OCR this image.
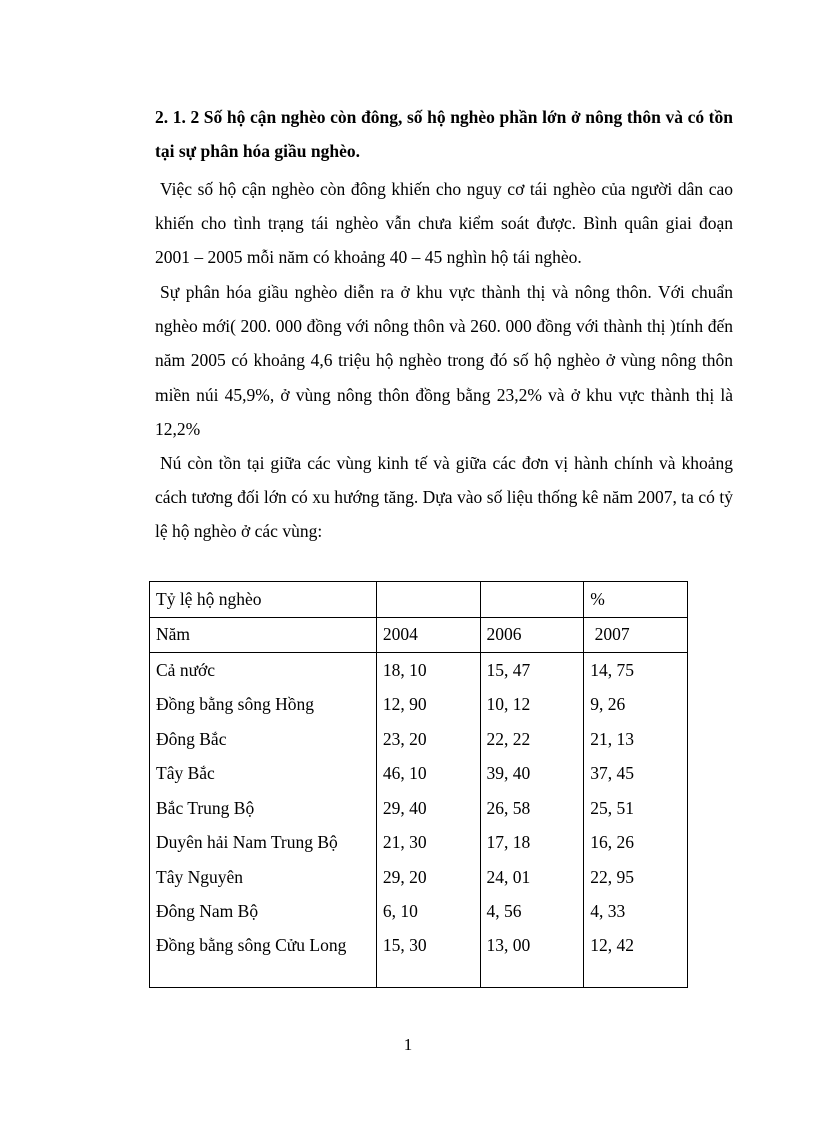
2. 1. 2 Số hộ cận nghèo còn đông, số hộ nghèo phần lớn ở nông thôn và có tồn tại sự phân hóa giầu nghèo.

Việc số hộ cận nghèo còn đông khiến cho nguy cơ tái nghèo của người dân cao khiến cho tình trạng tái nghèo vẫn chưa kiểm soát được. Bình quân giai đoạn 2001 – 2005 mỗi năm có khoảng 40 – 45 nghìn hộ tái nghèo.

Sự phân hóa giầu nghèo diễn ra ở khu vực thành thị và nông thôn. Với chuẩn nghèo mới( 200. 000 đồng với nông thôn và 260. 000 đồng với thành thị )tính đến năm 2005 có khoảng 4,6 triệu hộ nghèo trong đó số hộ nghèo ở vùng nông thôn miền núi 45,9%, ở vùng nông thôn đồng bằng 23,2% và ở khu vực thành thị là 12,2%

Nú còn tồn tại giữa các vùng kinh tế và giữa các đơn vị hành chính và khoảng cách tương đối lớn có xu hướng tăng. Dựa vào số liệu thống kê năm 2007, ta có tỷ lệ hộ nghèo ở các vùng:

Tỷ lệ hộ nghèo			%
Năm	2004	2006	2007
Cả nước	18, 10	15, 47	14, 75
Đồng bằng sông Hồng	12, 90	10, 12	9, 26
Đông Bắc	23, 20	22, 22	21, 13
Tây Bắc	46, 10	39, 40	37, 45
Bắc Trung Bộ	29, 40	26, 58	25, 51
Duyên hải Nam Trung Bộ	21, 30	17, 18	16, 26
Tây Nguyên	29, 20	24, 01	22, 95
Đông Nam Bộ	6, 10	4, 56	4, 33
Đồng bằng sông Cửu Long	15, 30	13, 00	12, 42
1
